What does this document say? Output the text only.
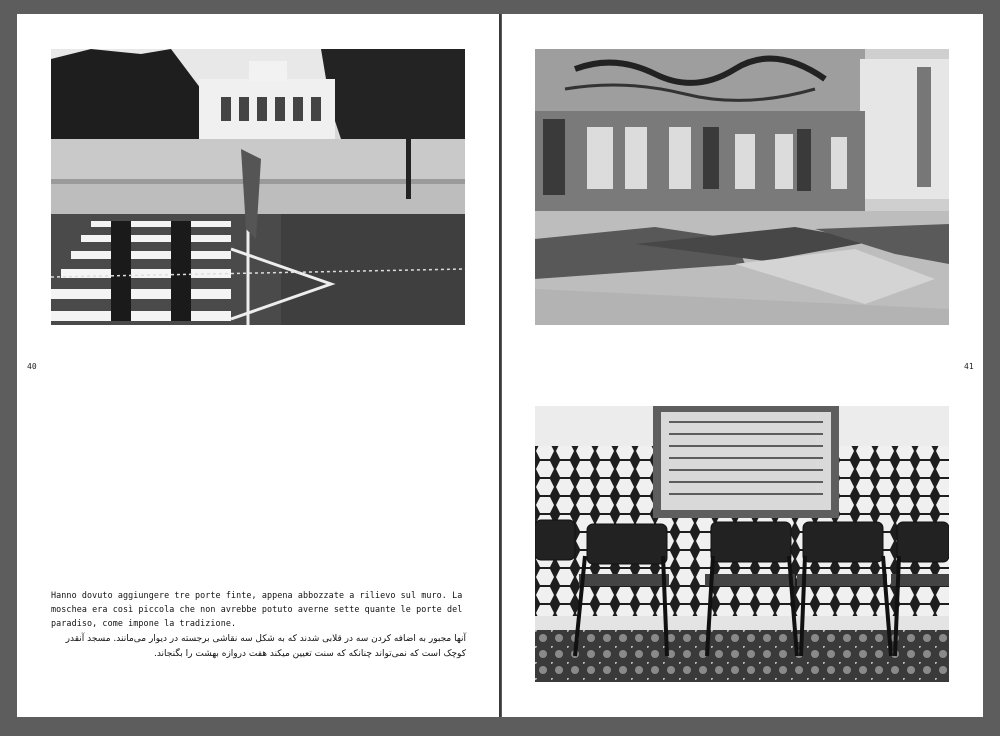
40
Hanno dovuto aggiungere tre porte finte, appena abbozzate a rilievo sul muro. La moschea era così piccola che non avrebbe potuto averne sette quante le porte del paradiso, come impone la tradizione.
آنها مجبور به اضافه کردن سه در قلابی شدند که به شکل سه نقاشی برجسته در دیوار می‌مانند. مسجد آنقدر کوچک است که نمی‌تواند چنانکه که سنت تعیین میکند هفت دروازه بهشت را بگنجاند.
41
